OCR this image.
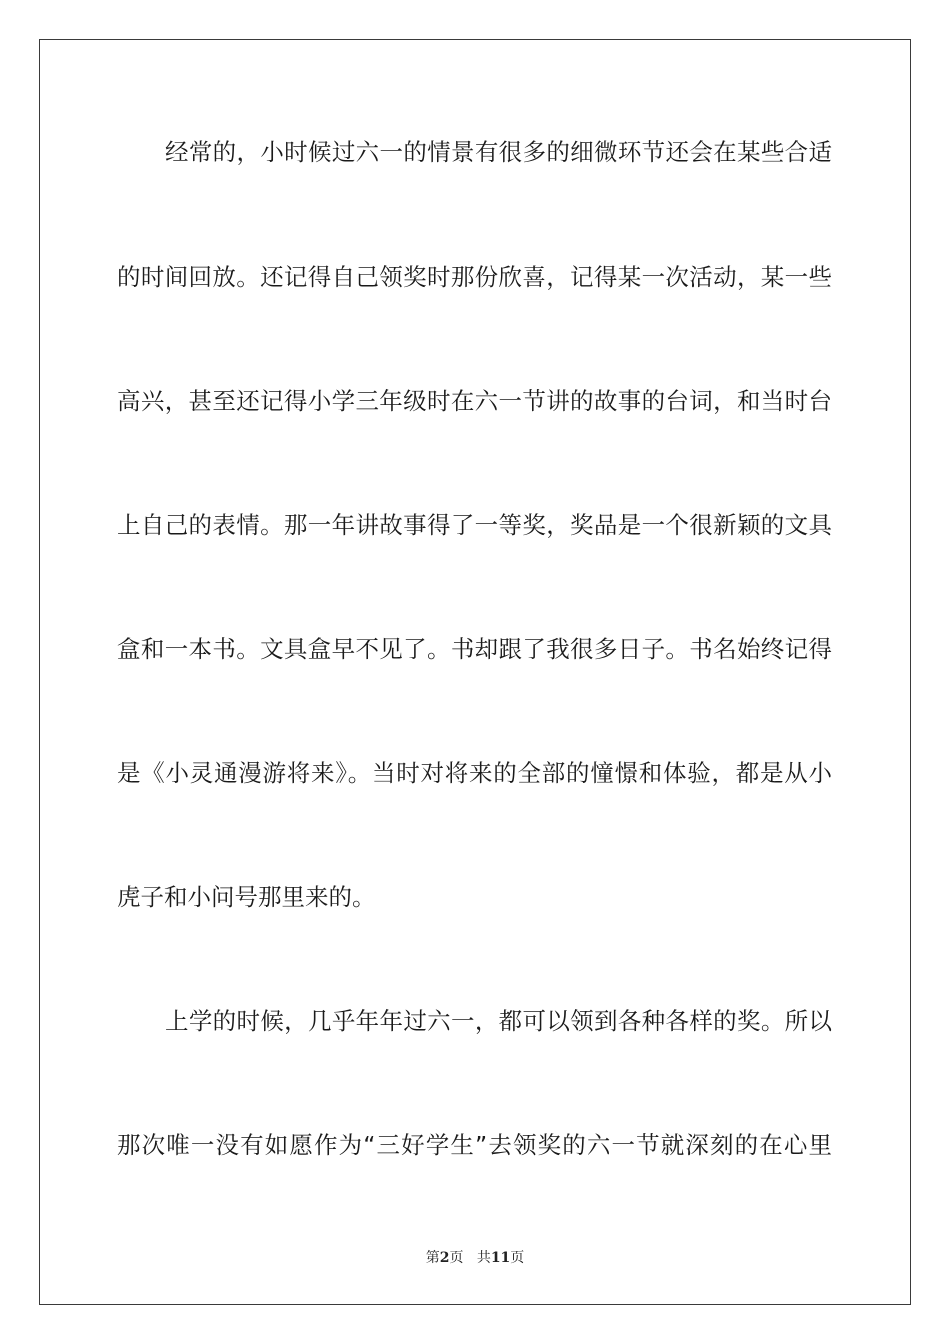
经常的，小时候过六一的情景有很多的细微环节还会在某些合适
的时间回放。还记得自己领奖时那份欣喜，记得某一次活动，某一些
高兴，甚至还记得小学三年级时在六一节讲的故事的台词，和当时台
上自己的表情。那一年讲故事得了一等奖，奖品是一个很新颖的文具
盒和一本书。文具盒早不见了。书却跟了我很多日子。书名始终记得
是《小灵通漫游将来》。当时对将来的全部的憧憬和体验，都是从小
虎子和小问号那里来的。
上学的时候，几乎年年过六一，都可以领到各种各样的奖。所以
那次唯一没有如愿作为“三好学生”去领奖的六一节就深刻的在心里
第2页 共11页
